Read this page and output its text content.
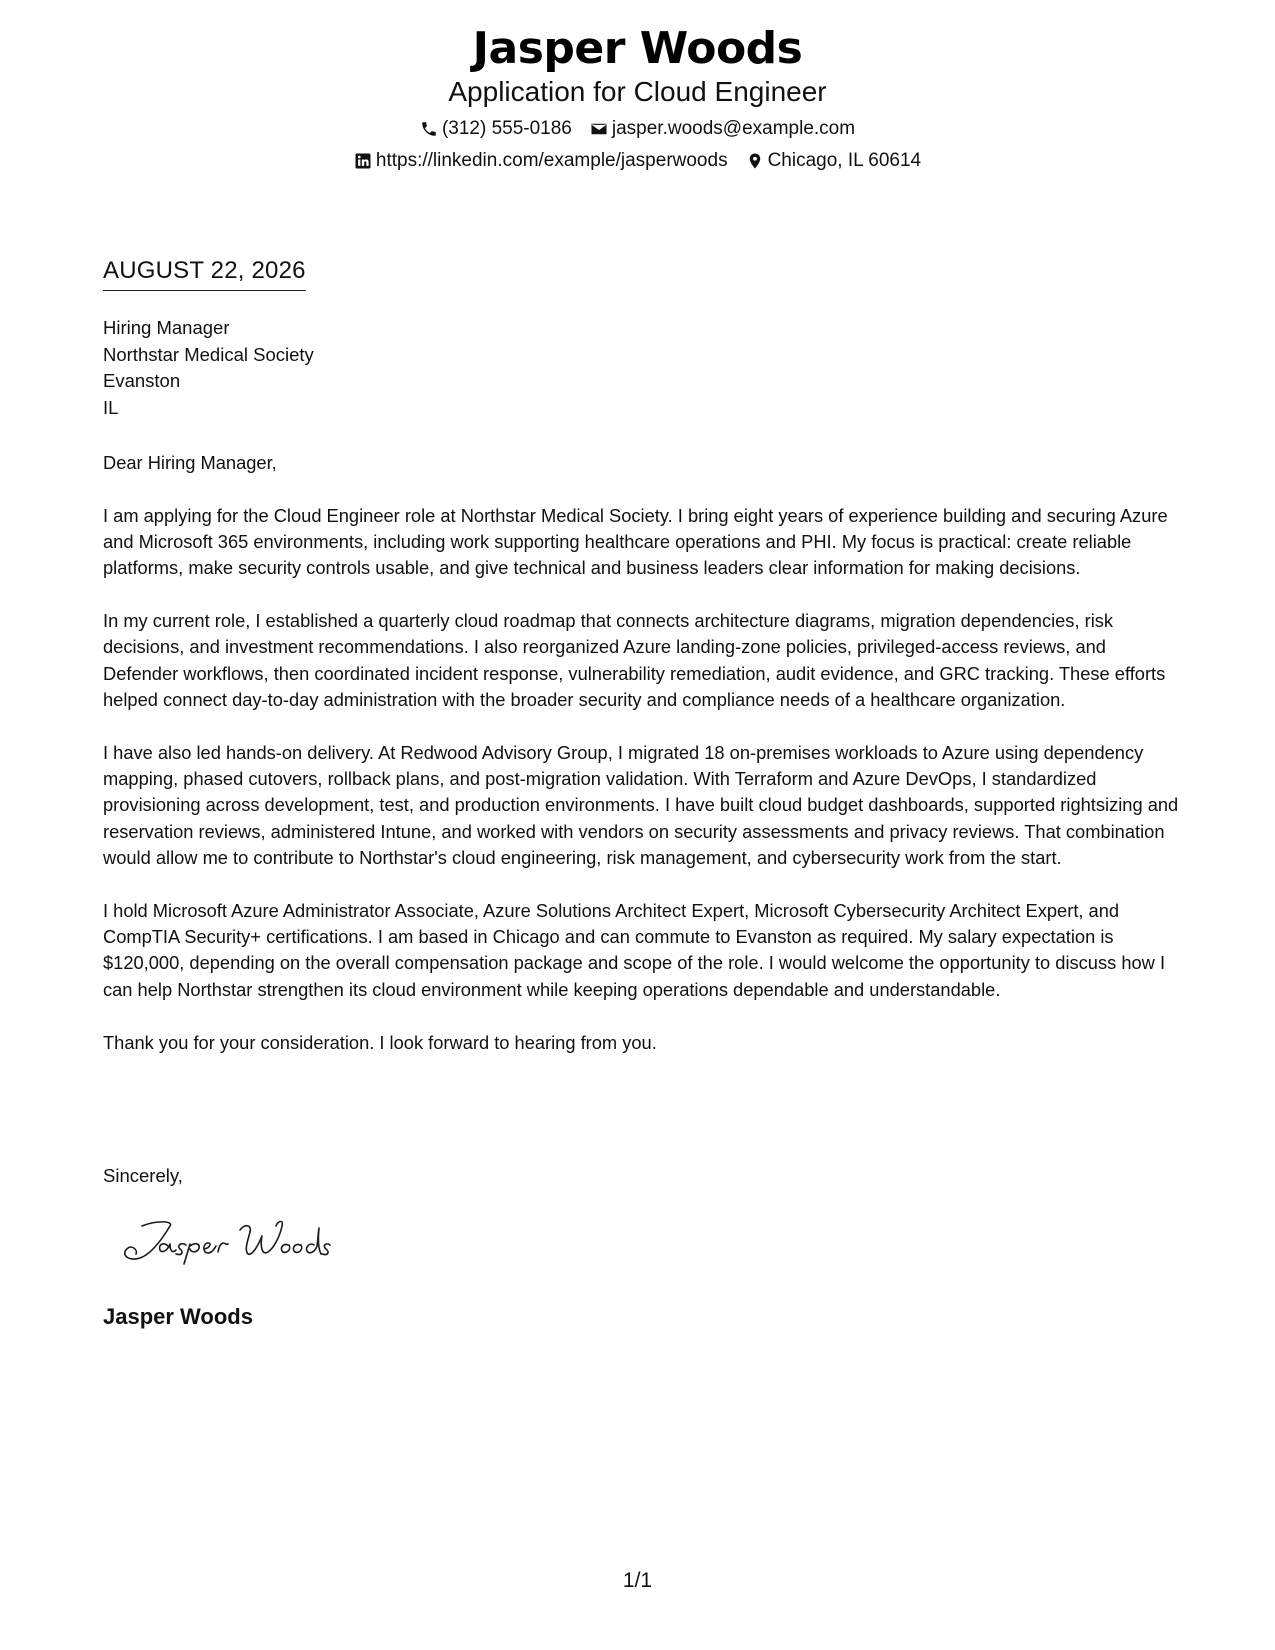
Jasper Woods
Application for Cloud Engineer
(312) 555-0186 jasper.woods@example.com
https://linkedin.com/example/jasperwoods Chicago, IL 60614
AUGUST 22, 2026
Hiring Manager
Northstar Medical Society
Evanston
IL

Dear Hiring Manager,

I am applying for the Cloud Engineer role at Northstar Medical Society. I bring eight years of experience building and securing Azure and Microsoft 365 environments, including work supporting healthcare operations and PHI. My focus is practical: create reliable platforms, make security controls usable, and give technical and business leaders clear information for making decisions.

In my current role, I established a quarterly cloud roadmap that connects architecture diagrams, migration dependencies, risk decisions, and investment recommendations. I also reorganized Azure landing-zone policies, privileged-access reviews, and Defender workflows, then coordinated incident response, vulnerability remediation, audit evidence, and GRC tracking. These efforts helped connect day-to-day administration with the broader security and compliance needs of a healthcare organization.

I have also led hands-on delivery. At Redwood Advisory Group, I migrated 18 on-premises workloads to Azure using dependency mapping, phased cutovers, rollback plans, and post-migration validation. With Terraform and Azure DevOps, I standardized provisioning across development, test, and production environments. I have built cloud budget dashboards, supported rightsizing and reservation reviews, administered Intune, and worked with vendors on security assessments and privacy reviews. That combination would allow me to contribute to Northstar's cloud engineering, risk management, and cybersecurity work from the start.

I hold Microsoft Azure Administrator Associate, Azure Solutions Architect Expert, Microsoft Cybersecurity Architect Expert, and CompTIA Security+ certifications. I am based in Chicago and can commute to Evanston as required. My salary expectation is $120,000, depending on the overall compensation package and scope of the role. I would welcome the opportunity to discuss how I can help Northstar strengthen its cloud environment while keeping operations dependable and understandable.

Thank you for your consideration. I look forward to hearing from you.

Sincerely,
Jasper Woods
1/1
